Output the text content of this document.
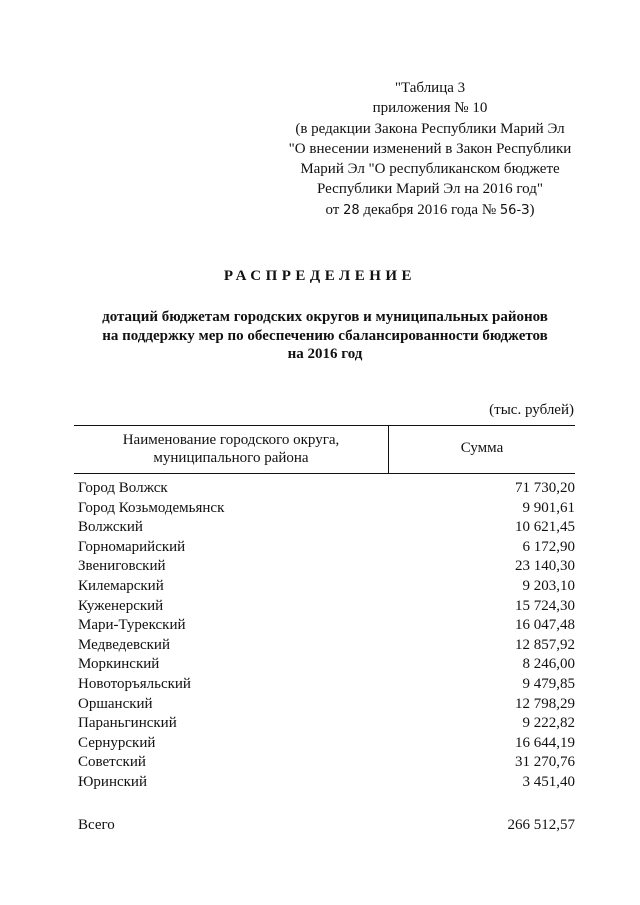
"Таблица 3
приложения № 10
(в редакции Закона Республики Марий Эл
"О внесении изменений в Закон Республики
Марий Эл "О республиканском бюджете
Республики Марий Эл на 2016 год"
от 28 декабря 2016 года № 56-З)
РАСПРЕДЕЛЕНИЕ
дотаций бюджетам городских округов и муниципальных районов
на поддержку мер по обеспечению сбалансированности бюджетов
на 2016 год
(тыс. рублей)
Наименование городского округа,
муниципального района
Сумма
Город Волжск	71 730,20
Город Козьмодемьянск	9 901,61
Волжский	10 621,45
Горномарийский	6 172,90
Звениговский	23 140,30
Килемарский	9 203,10
Куженерский	15 724,30
Мари-Турекский	16 047,48
Медведевский	12 857,92
Моркинский	8 246,00
Новоторъяльский	9 479,85
Оршанский	12 798,29
Параньгинский	9 222,82
Сернурский	16 644,19
Советский	31 270,76
Юринский	3 451,40
Всего	266 512,57
